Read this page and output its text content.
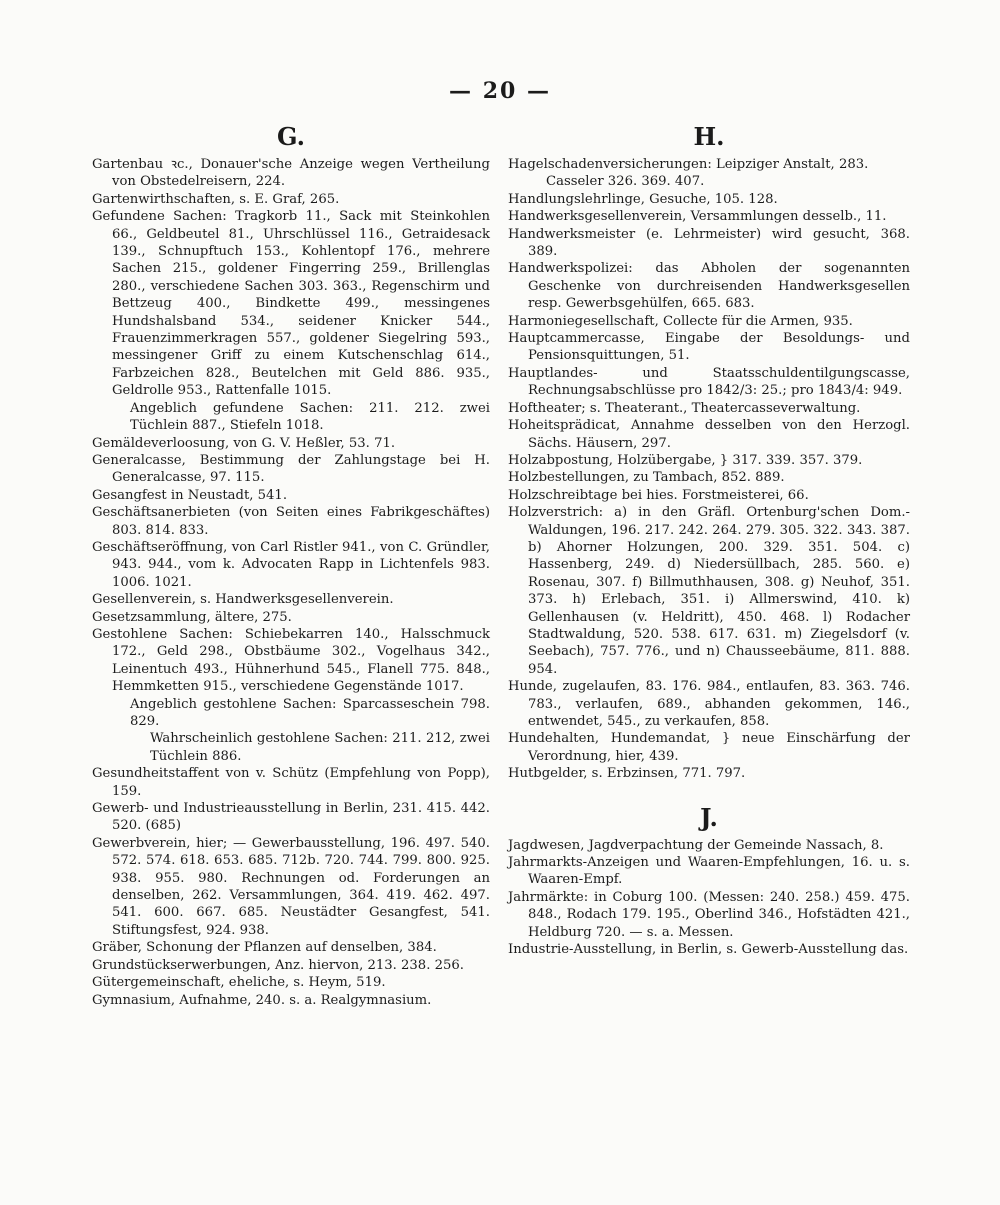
— 20 —
G.

Gartenbau ꝛc., Donauer'sche Anzeige wegen Vertheilung von Obstedelreisern, 224.

Gartenwirthschaften, s. E. Graf, 265.

Gefundene Sachen: Tragkorb 11., Sack mit Steinkohlen 66., Geldbeutel 81., Uhrschlüssel 116., Getraidesack 139., Schnupftuch 153., Kohlentopf 176., mehrere Sachen 215., goldener Fingerring 259., Brillenglas 280., verschiedene Sachen 303. 363., Regenschirm und Bettzeug 400., Bindkette 499., messingenes Hundshalsband 534., seidener Knicker 544., Frauenzimmerkragen 557., goldener Siegelring 593., messingener Griff zu einem Kutschenschlag 614., Farbzeichen 828., Beutelchen mit Geld 886. 935., Geldrolle 953., Rattenfalle 1015.

Angeblich gefundene Sachen: 211. 212. zwei Tüchlein 887., Stiefeln 1018.

Gemäldeverloosung, von G. V. Heßler, 53. 71.

Generalcasse, Bestimmung der Zahlungstage bei H. Generalcasse, 97. 115.

Gesangfest in Neustadt, 541.

Geschäftsanerbieten (von Seiten eines Fabrikgeschäftes) 803. 814. 833.

Geschäftseröffnung, von Carl Ristler 941., von C. Gründler, 943. 944., vom k. Advocaten Rapp in Lichtenfels 983. 1006. 1021.

Gesellenverein, s. Handwerksgesellenverein.

Gesetzsammlung, ältere, 275.

Gestohlene Sachen: Schiebekarren 140., Halsschmuck 172., Geld 298., Obstbäume 302., Vogelhaus 342., Leinentuch 493., Hühnerhund 545., Flanell 775. 848., Hemmketten 915., verschiedene Gegenstände 1017.

Angeblich gestohlene Sachen: Sparcasseschein 798. 829.

Wahrscheinlich gestohlene Sachen: 211. 212, zwei Tüchlein 886.

Gesundheitstaffent von v. Schütz (Empfehlung von Popp), 159.

Gewerb- und Industrieausstellung in Berlin, 231. 415. 442. 520. (685)

Gewerbverein, hier; — Gewerbausstellung, 196. 497. 540. 572. 574. 618. 653. 685. 712b. 720. 744. 799. 800. 925. 938. 955. 980. Rechnungen od. Forderungen an denselben, 262. Versammlungen, 364. 419. 462. 497. 541. 600. 667. 685. Neustädter Gesangfest, 541. Stiftungsfest, 924. 938.

Gräber, Schonung der Pflanzen auf denselben, 384.

Grundstückserwerbungen, Anz. hiervon, 213. 238. 256.

Gütergemeinschaft, eheliche, s. Heym, 519.

Gymnasium, Aufnahme, 240. s. a. Realgymnasium.

H.

Hagelschadenversicherungen: Leipziger Anstalt, 283.

Casseler 326. 369. 407.

Handlungslehrlinge, Gesuche, 105. 128.

Handwerksgesellenverein, Versammlungen desselb., 11.

Handwerksmeister (e. Lehrmeister) wird gesucht, 368. 389.

Handwerkspolizei: das Abholen der sogenannten Geschenke von durchreisenden Handwerksgesellen resp. Gewerbsgehülfen, 665. 683.

Harmoniegesellschaft, Collecte für die Armen, 935.

Hauptcammercasse, Eingabe der Besoldungs- und Pensionsquittungen, 51.

Hauptlandes- und Staatsschuldentilgungscasse, Rechnungsabschlüsse pro 1842/3: 25.; pro 1843/4: 949.

Hoftheater; s. Theaterant., Theatercasseverwaltung.

Hoheitsprädicat, Annahme desselben von den Herzogl. Sächs. Häusern, 297.

Holzabpostung, Holzübergabe, } 317. 339. 357. 379.

Holzbestellungen, zu Tambach, 852. 889.

Holzschreibtage bei hies. Forstmeisterei, 66.

Holzverstrich: a) in den Gräfl. Ortenburg'schen Dom.-Waldungen, 196. 217. 242. 264. 279. 305. 322. 343. 387. b) Ahorner Holzungen, 200. 329. 351. 504. c) Hassenberg, 249. d) Niedersüllbach, 285. 560. e) Rosenau, 307. f) Billmuthhausen, 308. g) Neuhof, 351. 373. h) Erlebach, 351. i) Allmerswind, 410. k) Gellenhausen (v. Heldritt), 450. 468. l) Rodacher Stadtwaldung, 520. 538. 617. 631. m) Ziegelsdorf (v. Seebach), 757. 776., und n) Chausseebäume, 811. 888. 954.

Hunde, zugelaufen, 83. 176. 984., entlaufen, 83. 363. 746. 783., verlaufen, 689., abhanden gekommen, 146., entwendet, 545., zu verkaufen, 858.

Hundehalten, Hundemandat, } neue Einschärfung der Verordnung, hier, 439.

Hutbgelder, s. Erbzinsen, 771. 797.

J.

Jagdwesen, Jagdverpachtung der Gemeinde Nassach, 8.

Jahrmarkts-Anzeigen und Waaren-Empfehlungen, 16. u. s. Waaren-Empf.

Jahrmärkte: in Coburg 100. (Messen: 240. 258.) 459. 475. 848., Rodach 179. 195., Oberlind 346., Hofstädten 421., Heldburg 720. — s. a. Messen.

Industrie-Ausstellung, in Berlin, s. Gewerb-Ausstellung das.
